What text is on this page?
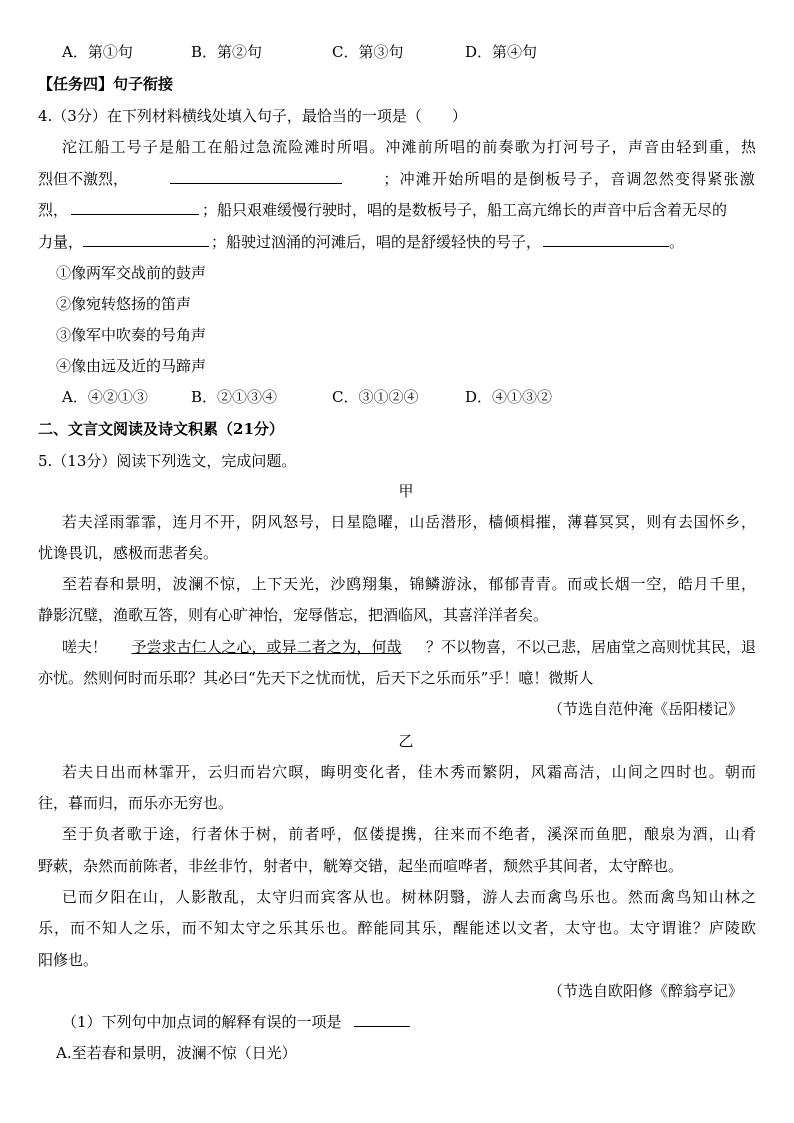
A．第①句	B．第②句	C．第③句	D．第④句
【任务四】句子衔接
4.（3分）在下列材料横线处填入句子，最恰当的一项是（　　）
沱江船工号子是船工在船过急流险滩时所唱。冲滩前所唱的前奏歌为打河号子，声音由轻到重，热
烈但不激烈，	；冲滩开始所唱的是倒板号子，音调忽然变得紧张激
烈，	；船只艰难缓慢行驶时，唱的是数板号子，船工高亢绵长的声音中后含着无尽的
力量，	；船驶过汹涌的河滩后，唱的是舒缓轻快的号子，	。
①像两军交战前的鼓声
②像宛转悠扬的笛声
③像军中吹奏的号角声
④像由远及近的马蹄声
A．④②①③	B．②①③④	C．③①②④	D．④①③②
二、文言文阅读及诗文积累（21分）
5.（13分）阅读下列选文，完成问题。
甲
若夫淫雨霏霏，连月不开，阴风怒号，日星隐曜，山岳潜形，樯倾楫摧，薄暮冥冥，则有去国怀乡，
忧谗畏讥，感极而悲者矣。
至若春和景明，波澜不惊，上下天光，沙鸥翔集，锦鳞游泳，郁郁青青。而或长烟一空，皓月千里，
静影沉璧，渔歌互答，则有心旷神怡，宠辱偕忘，把酒临风，其喜洋洋者矣。
嗟夫！ 予尝求古仁人之心，或异二者之为，何哉 ？不以物喜，不以己悲，居庙堂之高则忧其民，退
亦忧。然则何时而乐耶？其必曰“先天下之忧而忧，后天下之乐而乐”乎！噫！微斯人
（节选自范仲淹《岳阳楼记》
乙
若夫日出而林霏开，云归而岩穴暝，晦明变化者，佳木秀而繁阴，风霜高洁，山间之四时也。朝而
往，暮而归，而乐亦无穷也。
至于负者歌于途，行者休于树，前者呼，伛偻提携，往来而不绝者，溪深而鱼肥，酿泉为酒，山肴
野蔌，杂然而前陈者，非丝非竹，射者中，觥筹交错，起坐而喧哗者，颓然乎其间者，太守醉也。
已而夕阳在山，人影散乱，太守归而宾客从也。树林阴翳，游人去而禽鸟乐也。然而禽鸟知山林之
乐，而不知人之乐，而不知太守之乐其乐也。醉能同其乐，醒能述以文者，太守也。太守谓谁？庐陵欧
阳修也。
（节选自欧阳修《醉翁亭记》
（1）下列句中加点词的解释有误的一项是
A.至若春和景明，波澜不惊（日光）
